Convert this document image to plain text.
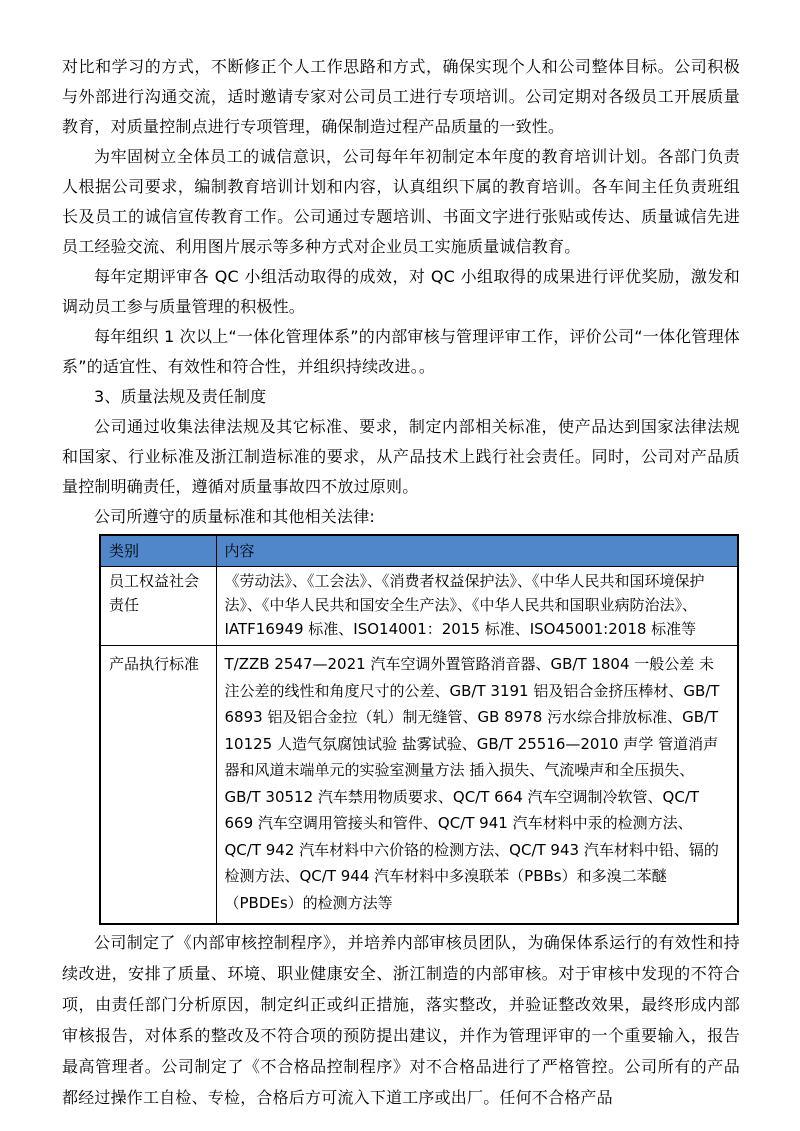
对比和学习的方式，不断修正个人工作思路和方式，确保实现个人和公司整体目标。公司积极与外部进行沟通交流，适时邀请专家对公司员工进行专项培训。公司定期对各级员工开展质量教育，对质量控制点进行专项管理，确保制造过程产品质量的一致性。

为牢固树立全体员工的诚信意识，公司每年年初制定本年度的教育培训计划。各部门负责人根据公司要求，编制教育培训计划和内容，认真组织下属的教育培训。各车间主任负责班组长及员工的诚信宣传教育工作。公司通过专题培训、书面文字进行张贴或传达、质量诚信先进员工经验交流、利用图片展示等多种方式对企业员工实施质量诚信教育。

每年定期评审各 QC 小组活动取得的成效，对 QC 小组取得的成果进行评优奖励，激发和调动员工参与质量管理的积极性。

每年组织 1 次以上“一体化管理体系”的内部审核与管理评审工作，评价公司“一体化管理体系”的适宜性、有效性和符合性，并组织持续改进。。

3、质量法规及责任制度

公司通过收集法律法规及其它标准、要求，制定内部相关标准，使产品达到国家法律法规和国家、行业标准及浙江制造标准的要求，从产品技术上践行社会责任。同时，公司对产品质量控制明确责任，遵循对质量事故四不放过原则。

公司所遵守的质量标准和其他相关法律:

类别	内容
员工权益社会责任	《劳动法》、《工会法》、《消费者权益保护法》、《中华人民共和国环境保护法》、《中华人民共和国安全生产法》、《中华人民共和国职业病防治法》、IATF16949 标准、ISO14001：2015 标准、ISO45001:2018 标准等
产品执行标准	T/ZZB 2547—2021 汽车空调外置管路消音器、GB/T 1804 一般公差 未注公差的线性和角度尺寸的公差、GB/T 3191 铝及铝合金挤压棒材、GB/T 6893 铝及铝合金拉（轧）制无缝管、GB 8978 污水综合排放标准、GB/T 10125 人造气氛腐蚀试验 盐雾试验、GB/T 25516—2010 声学 管道消声器和风道末端单元的实验室测量方法 插入损失、气流噪声和全压损失、GB/T 30512 汽车禁用物质要求、QC/T 664 汽车空调制冷软管、QC/T 669 汽车空调用管接头和管件、QC/T 941 汽车材料中汞的检测方法、QC/T 942 汽车材料中六价铬的检测方法、QC/T 943 汽车材料中铅、镉的检测方法、QC/T 944 汽车材料中多溴联苯（PBBs）和多溴二苯醚（PBDEs）的检测方法等

公司制定了《内部审核控制程序》，并培养内部审核员团队，为确保体系运行的有效性和持续改进，安排了质量、环境、职业健康安全、浙江制造的内部审核。对于审核中发现的不符合项，由责任部门分析原因，制定纠正或纠正措施，落实整改，并验证整改效果，最终形成内部审核报告，对体系的整改及不符合项的预防提出建议，并作为管理评审的一个重要输入，报告最高管理者。公司制定了《不合格品控制程序》对不合格品进行了严格管控。公司所有的产品都经过操作工自检、专检，合格后方可流入下道工序或出厂。任何不合格产品
